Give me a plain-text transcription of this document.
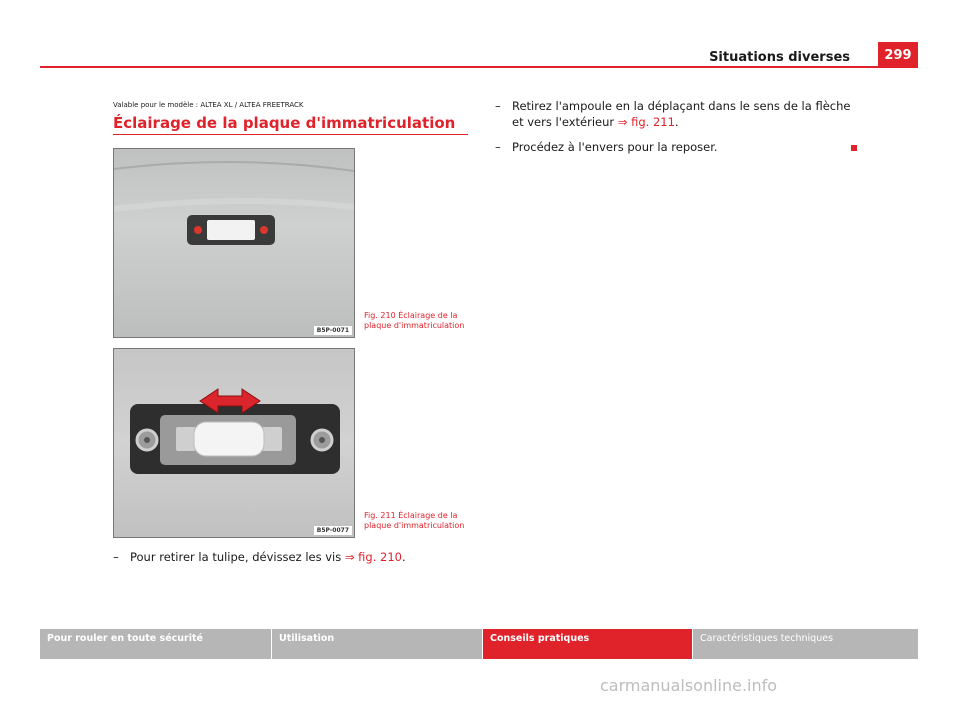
Situations diverses	299
Valable pour le modèle : ALTEA XL / ALTEA FREETRACK
Éclairage de la plaque d'immatriculation
B5P-0071
Fig. 210 Éclairage de la
plaque d'immatriculation
B5P-0077
Fig. 211 Éclairage de la
plaque d'immatriculation
– Pour retirer la tulipe, dévissez les vis ⇒ fig. 210.
– Retirez l'ampoule en la déplaçant dans le sens de la flèche et vers l'extérieur ⇒ fig. 211.
– Procédez à l'envers pour la reposer.
Pour rouler en toute sécurité	Utilisation	Conseils pratiques	Caractéristiques techniques
carmanualsonline.info
